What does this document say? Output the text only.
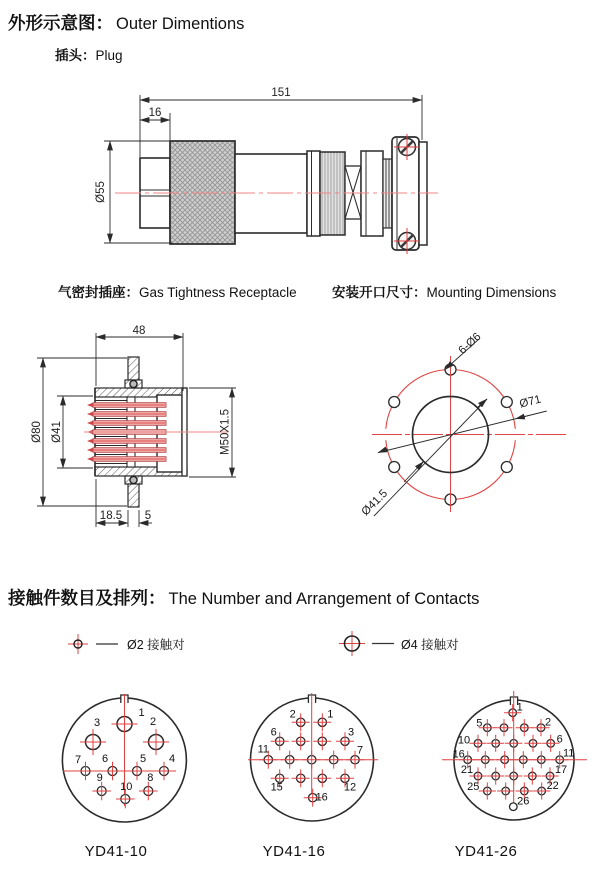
外形示意图： Outer Dimentions
插头：Plug
151
16
Ø55
气密封插座：Gas Tightness Receptacle	安装开口尺寸：Mounting Dimensions
48
Ø80 Ø41	M50X1.5
18.5 5
6-Ø6
Ø71
Ø41.5
接触件数目及排列： The Number and Arrangement of Contacts
Ø2 接触对	Ø4 接触对
1
2
3
4
5
6
7
8
9
10
1
2
3
6
7
11
12
15
16
1
2
5
6
10
11
16
17
21
22
25
26
YD41-10	YD41-16	YD41-26
